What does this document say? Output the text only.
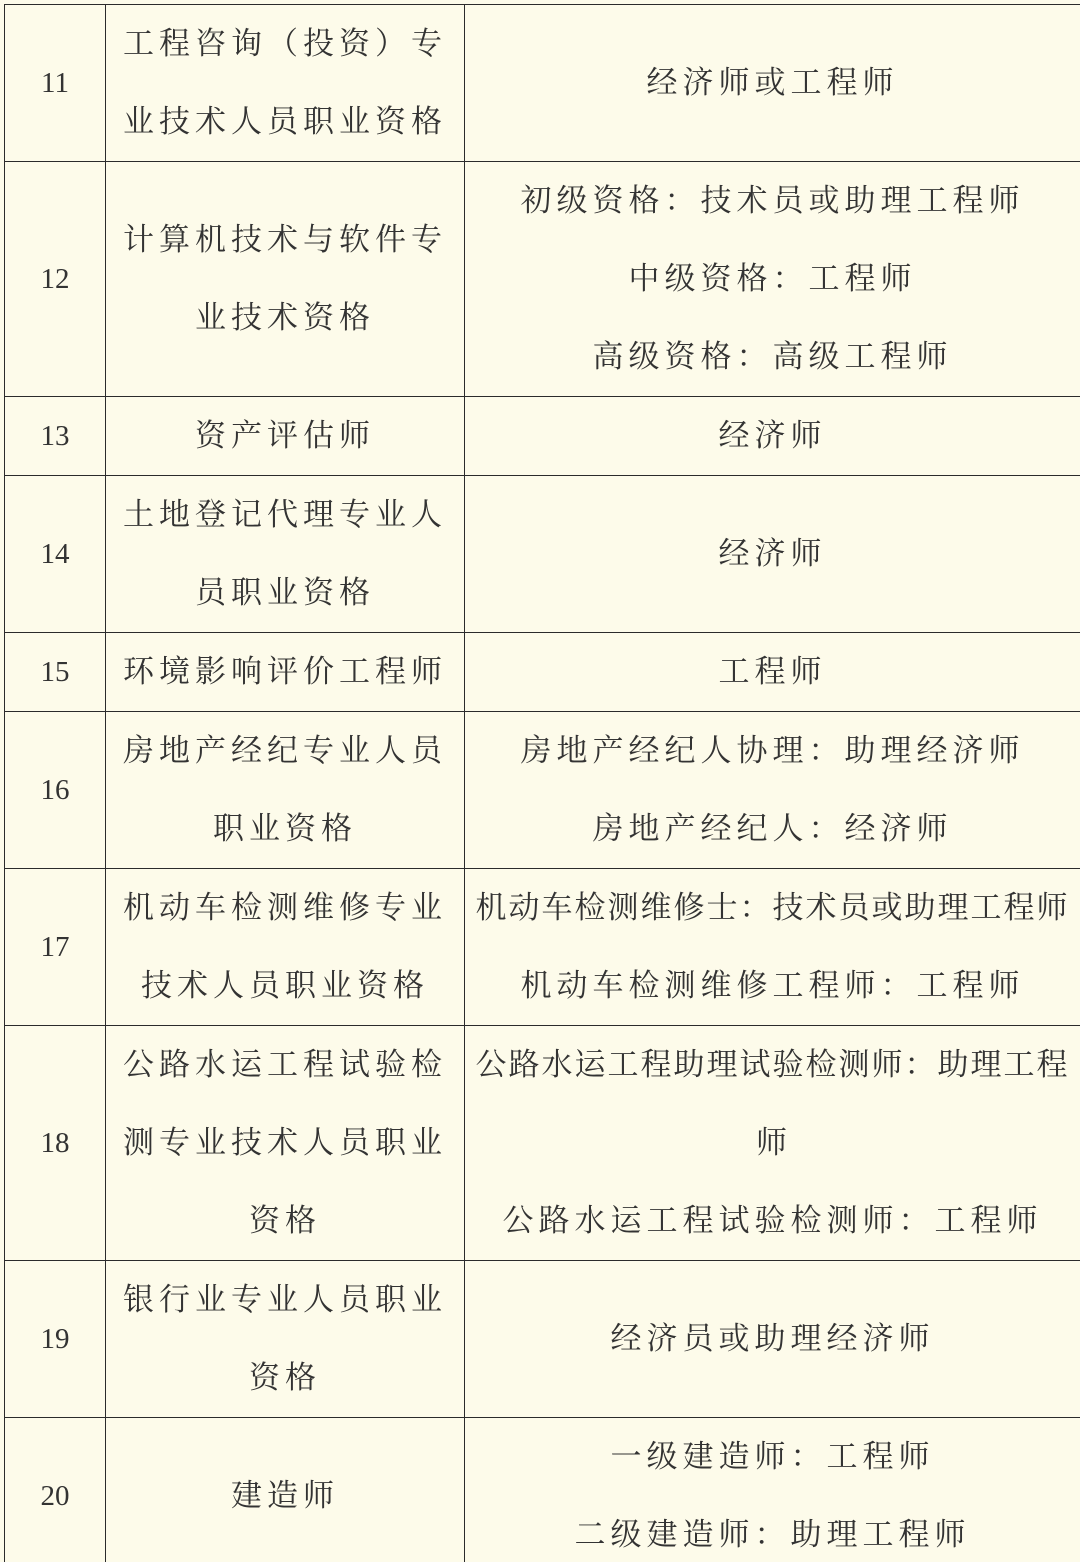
11	工程咨询（投资）专业技术人员职业资格	经济师或工程师

12	计算机技术与软件专业技术资格	初级资格：技术员或助理工程师
中级资格：工程师
高级资格：高级工程师

13	资产评估师	经济师

14	土地登记代理专业人员职业资格	经济师

15	环境影响评价工程师	工程师

16	房地产经纪专业人员职业资格	房地产经纪人协理：助理经济师
房地产经纪人：经济师

17	机动车检测维修专业技术人员职业资格	机动车检测维修士：技术员或助理工程师
机动车检测维修工程师：工程师

18	公路水运工程试验检测专业技术人员职业资格	公路水运工程助理试验检测师：助理工程师
公路水运工程试验检测师：工程师

19	银行业专业人员职业资格	经济员或助理经济师

20	建造师	一级建造师：工程师
二级建造师：助理工程师
